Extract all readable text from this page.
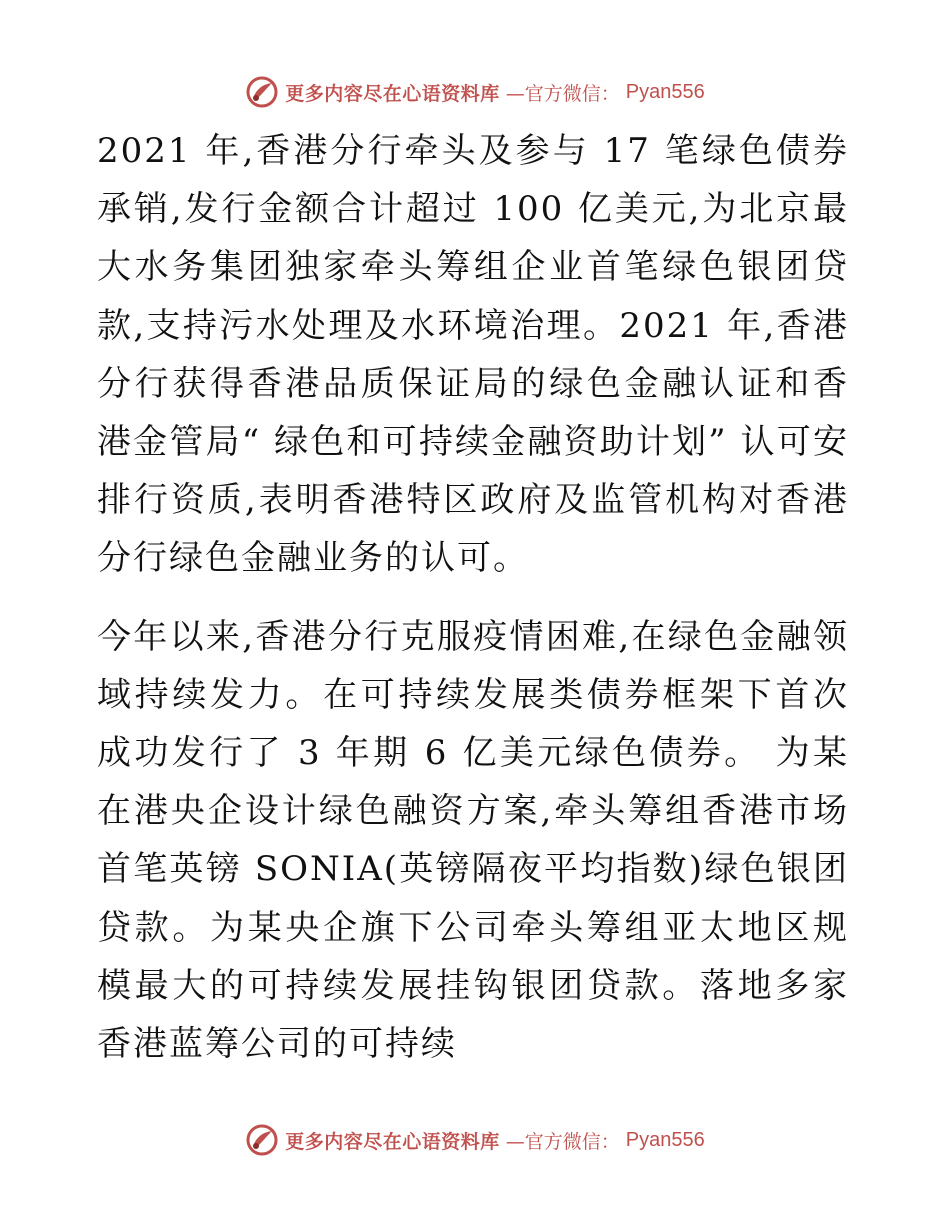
更多内容尽在心语资料库 —官方微信： Pyan556

2021 年,香港分行牵头及参与 17 笔绿色债券承销,发行金额合计超过 100 亿美元,为北京最大水务集团独家牵头筹组企业首笔绿色银团贷款,支持污水处理及水环境治理。2021 年,香港分行获得香港品质保证局的绿色金融认证和香港金管局“ 绿色和可持续金融资助计划” 认可安排行资质,表明香港特区政府及监管机构对香港分行绿色金融业务的认可。

今年以来,香港分行克服疫情困难,在绿色金融领域持续发力。在可持续发展类债券框架下首次成功发行了 3 年期 6 亿美元绿色债券。 为某在港央企设计绿色融资方案,牵头筹组香港市场首笔英镑 SONIA(英镑隔夜平均指数)绿色银团贷款。为某央企旗下公司牵头筹组亚太地区规模最大的可持续发展挂钩银团贷款。落地多家香港蓝筹公司的可持续

更多内容尽在心语资料库 —官方微信： Pyan556
